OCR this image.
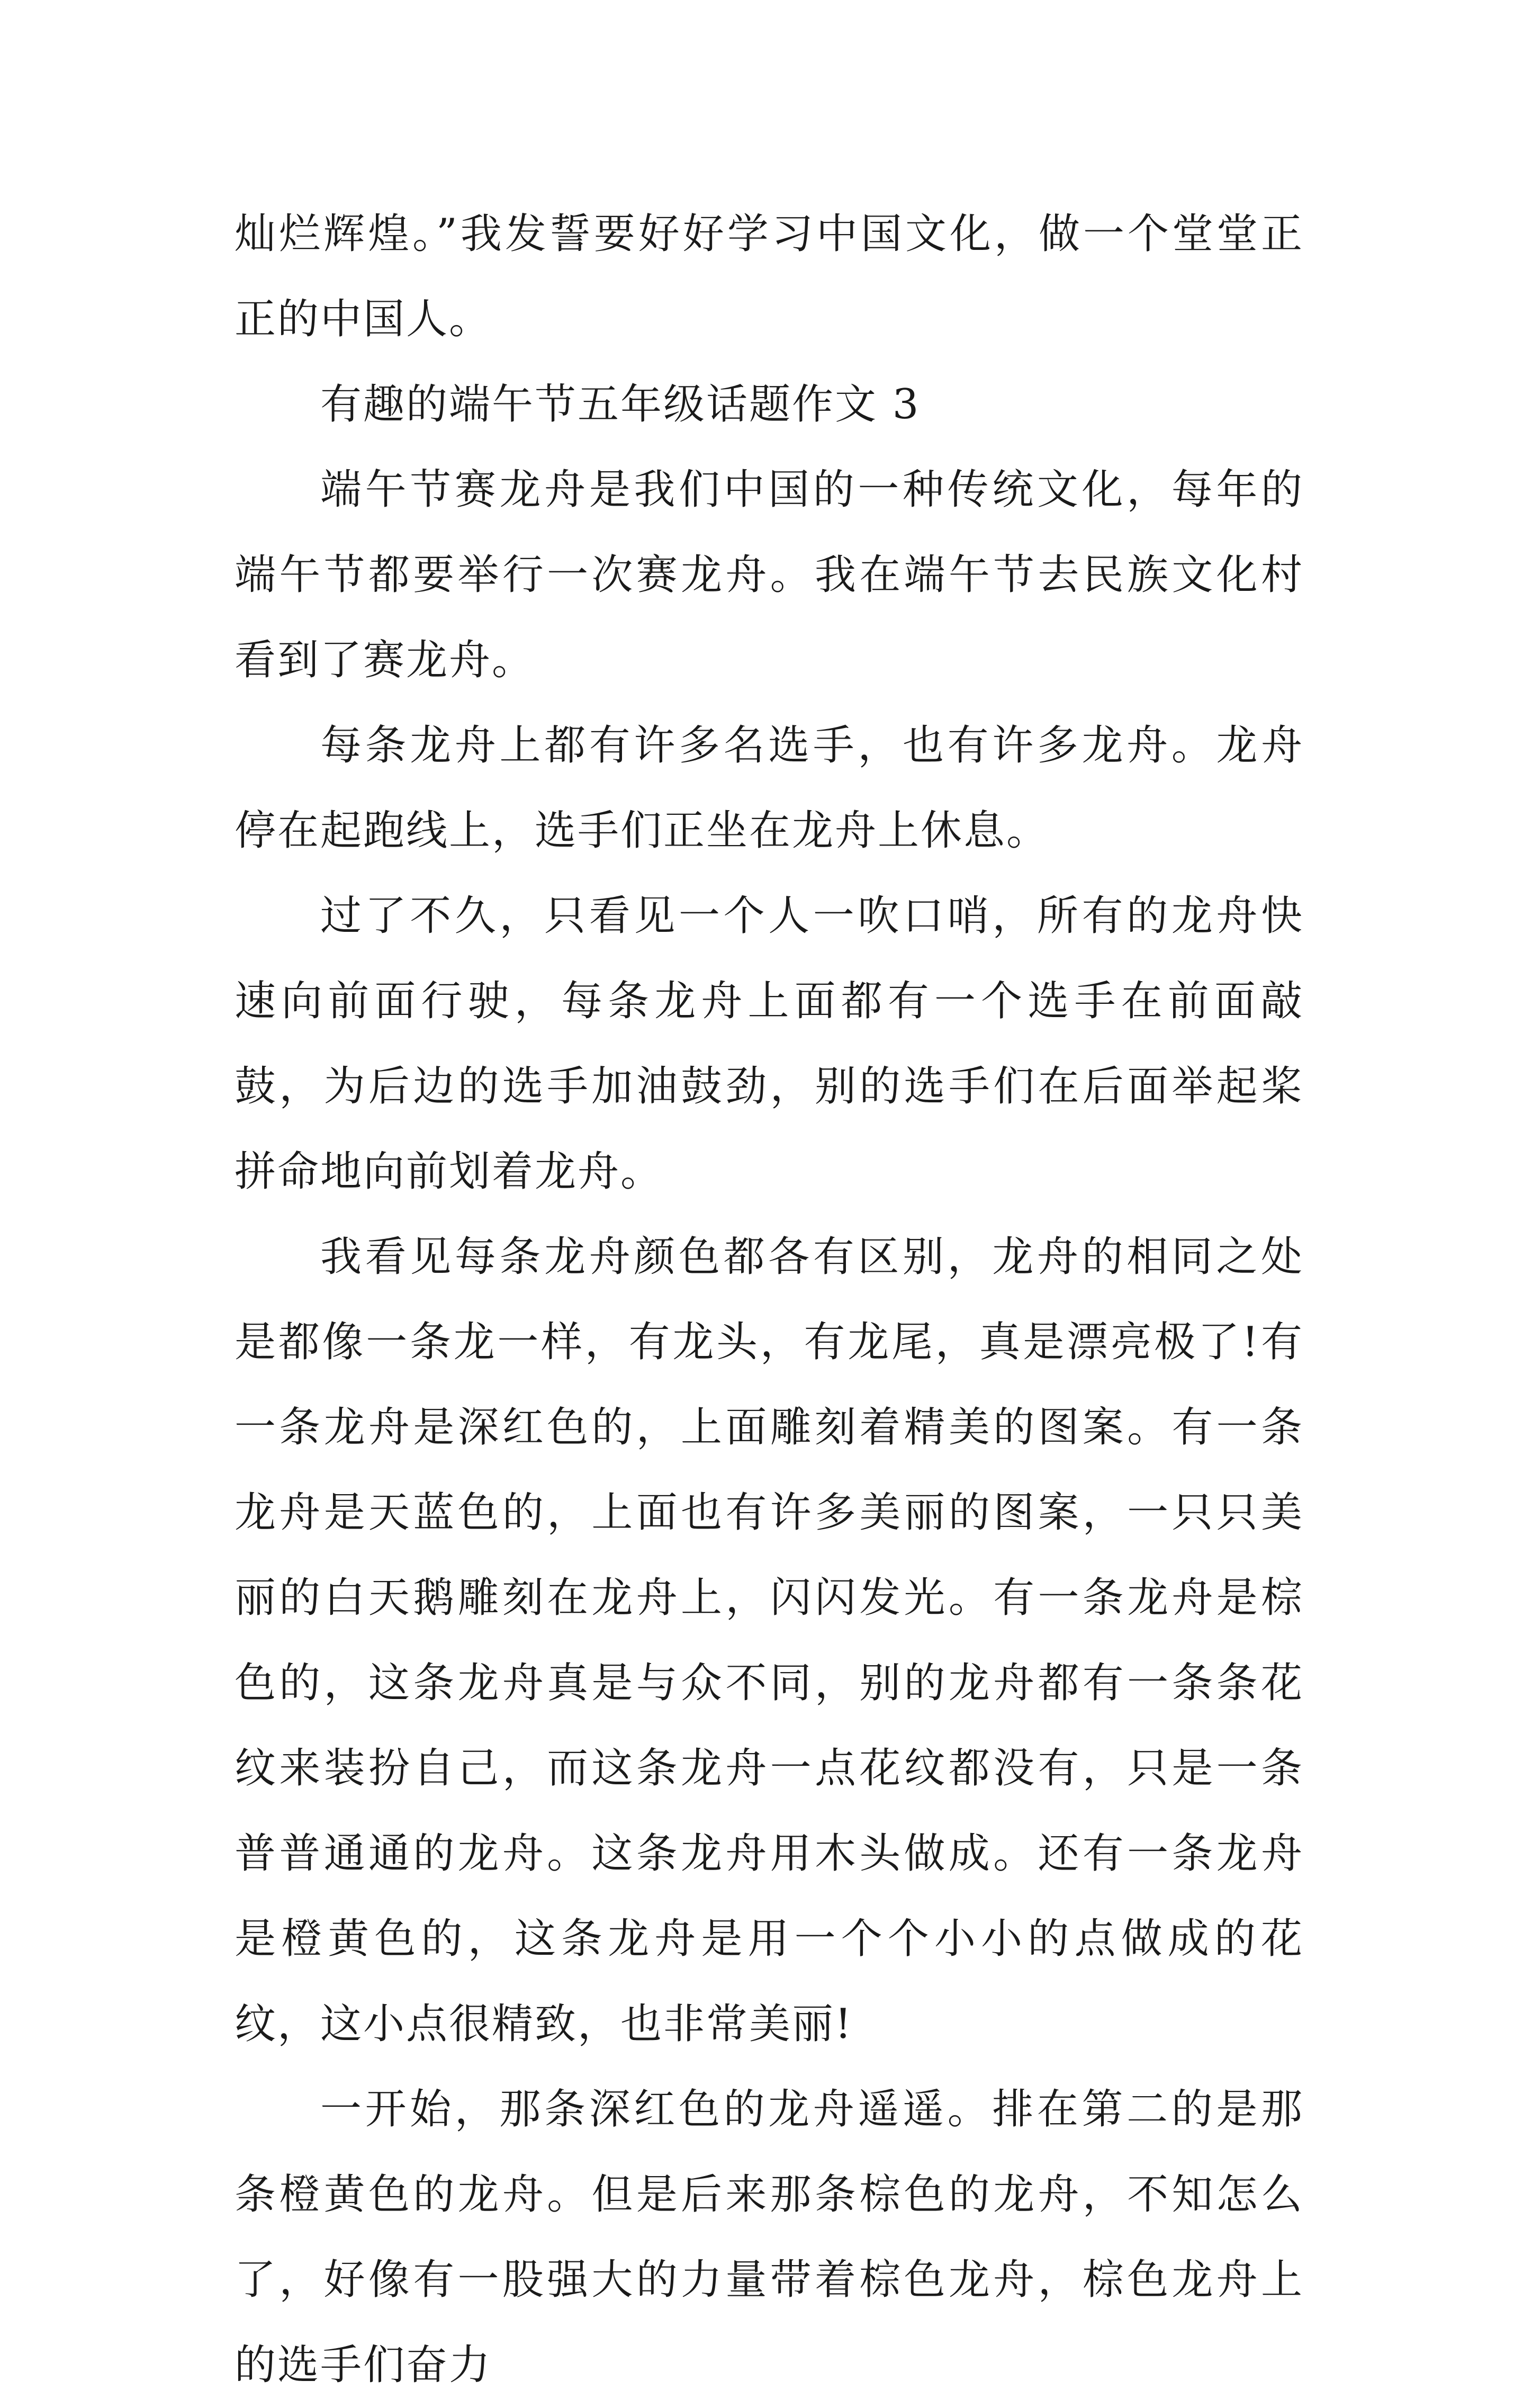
灿烂辉煌。”我发誓要好好学习中国文化，做一个堂堂正正的中国人。

有趣的端午节五年级话题作文 3

端午节赛龙舟是我们中国的一种传统文化，每年的端午节都要举行一次赛龙舟。我在端午节去民族文化村看到了赛龙舟。

每条龙舟上都有许多名选手，也有许多龙舟。龙舟停在起跑线上，选手们正坐在龙舟上休息。

过了不久，只看见一个人一吹口哨，所有的龙舟快速向前面行驶，每条龙舟上面都有一个选手在前面敲鼓，为后边的选手加油鼓劲，别的选手们在后面举起桨拼命地向前划着龙舟。

我看见每条龙舟颜色都各有区别，龙舟的相同之处是都像一条龙一样，有龙头，有龙尾，真是漂亮极了!有一条龙舟是深红色的，上面雕刻着精美的图案。有一条龙舟是天蓝色的，上面也有许多美丽的图案，一只只美丽的白天鹅雕刻在龙舟上，闪闪发光。有一条龙舟是棕色的，这条龙舟真是与众不同，别的龙舟都有一条条花纹来装扮自己，而这条龙舟一点花纹都没有，只是一条普普通通的龙舟。这条龙舟用木头做成。还有一条龙舟是橙黄色的，这条龙舟是用一个个小小的点做成的花纹，这小点很精致，也非常美丽!

一开始，那条深红色的龙舟遥遥。排在第二的是那条橙黄色的龙舟。但是后来那条棕色的龙舟，不知怎么了，好像有一股强大的力量带着棕色龙舟，棕色龙舟上的选手们奋力
